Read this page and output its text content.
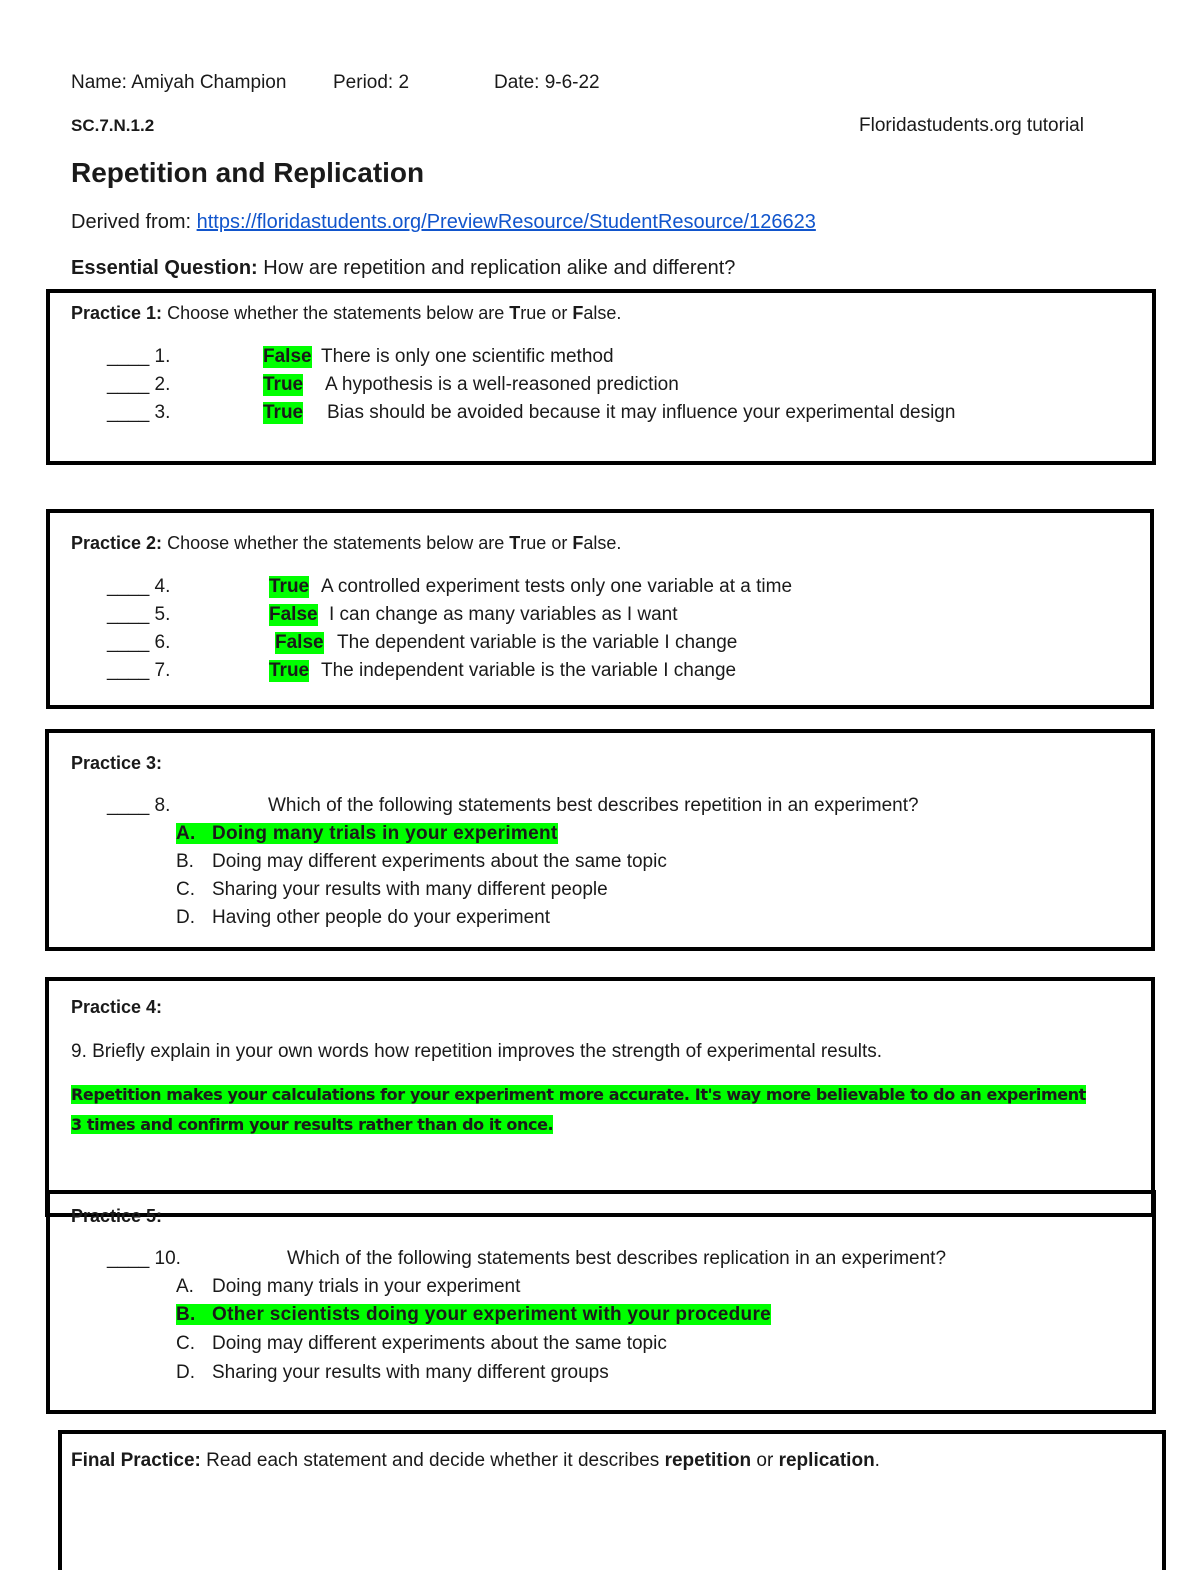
Name: Amiyah Champion Period: 2	Date: 9-6-22
SC.7.N.1.2	Floridastudents.org tutorial
Repetition and Replication
Derived from: https://floridastudents.org/PreviewResource/StudentResource/126623
Essential Question: How are repetition and replication alike and different?
Practice 1: Choose whether the statements below are True or False.
____ 1.	False There is only one scientific method
____ 2.	True A hypothesis is a well-reasoned prediction
____ 3.	True Bias should be avoided because it may influence your experimental design
Practice 2: Choose whether the statements below are True or False.
____ 4.	True A controlled experiment tests only one variable at a time
____ 5.	False I can change as many variables as I want
____ 6.	False The dependent variable is the variable I change
____ 7.	True The independent variable is the variable I change
Practice 3:
____ 8.	Which of the following statements best describes repetition in an experiment?
A. Doing many trials in your experiment
B. Doing may different experiments about the same topic
C. Sharing your results with many different people
D. Having other people do your experiment
Practice 4:
9. Briefly explain in your own words how repetition improves the strength of experimental results.
Repetition makes your calculations for your experiment more accurate. It's way more believable to do an experiment
3 times and confirm your results rather than do it once.
Practice 5:
____ 10.	Which of the following statements best describes replication in an experiment?
A. Doing many trials in your experiment
B. Other scientists doing your experiment with your procedure
C. Doing may different experiments about the same topic
D. Sharing your results with many different groups
Final Practice: Read each statement and decide whether it describes repetition or replication.
